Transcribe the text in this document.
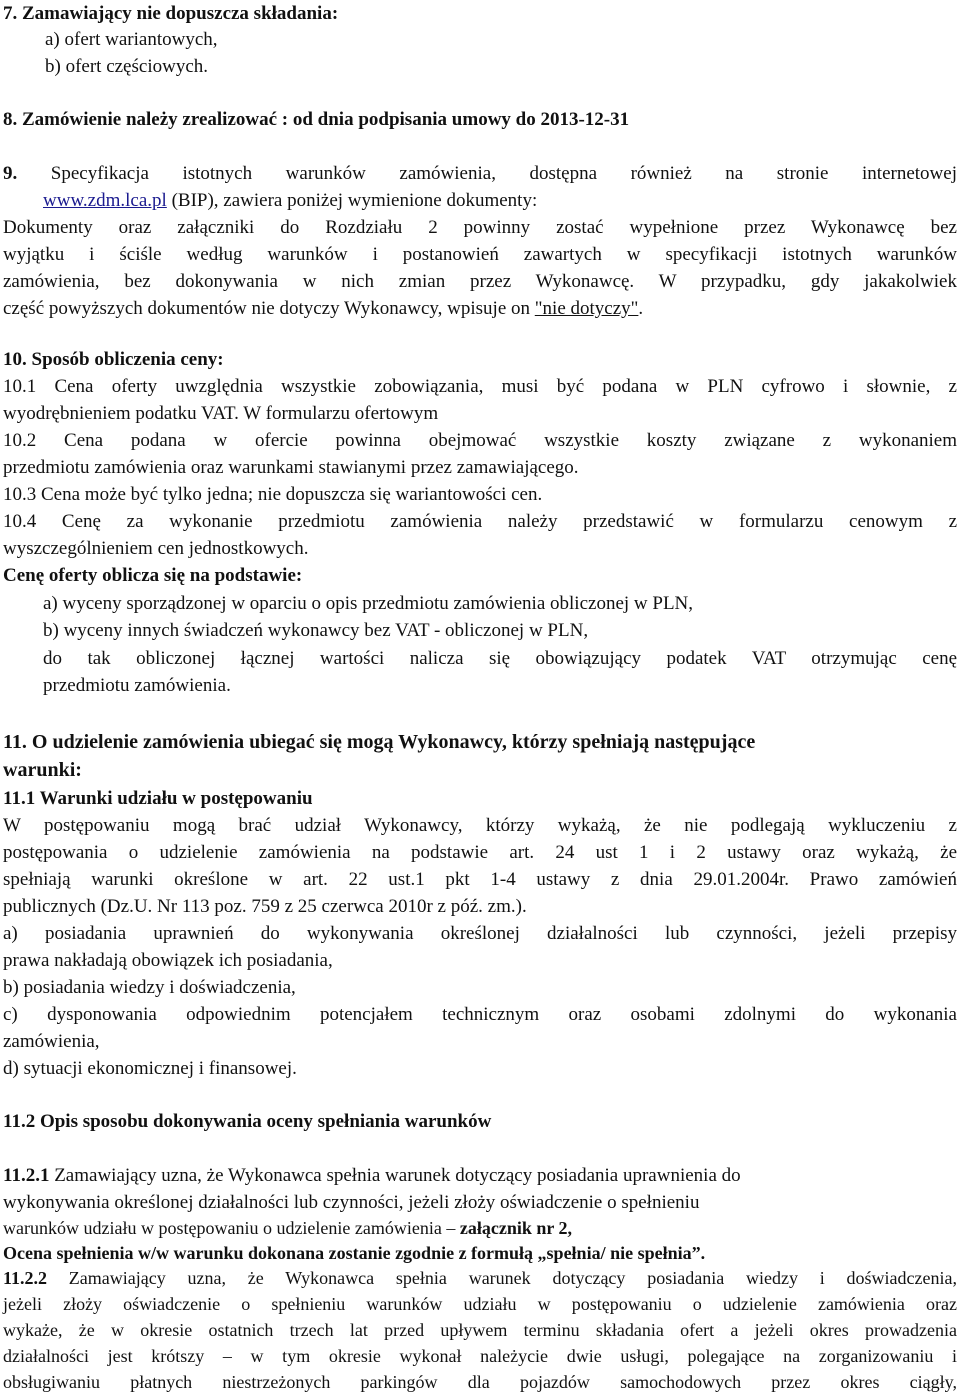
7. Zamawiający nie dopuszcza składania:
a) ofert wariantowych,
b) ofert częściowych.
8. Zamówienie należy zrealizować : od dnia podpisania umowy do 2013-12-31
9. Specyfikacja istotnych warunków zamówienia, dostępna również na stronie internetowej
www.zdm.lca.pl (BIP), zawiera poniżej wymienione dokumenty:
Dokumenty oraz załączniki do Rozdziału 2 powinny zostać wypełnione przez Wykonawcę bez
wyjątku i ściśle według warunków i postanowień zawartych w specyfikacji istotnych warunków
zamówienia, bez dokonywania w nich zmian przez Wykonawcę. W przypadku, gdy jakakolwiek
część powyższych dokumentów nie dotyczy Wykonawcy, wpisuje on "nie dotyczy".
10. Sposób obliczenia ceny:
10.1 Cena oferty uwzględnia wszystkie zobowiązania, musi być podana w PLN cyfrowo i słownie, z
wyodrębnieniem podatku VAT. W formularzu ofertowym
10.2 Cena podana w ofercie powinna obejmować wszystkie koszty związane z wykonaniem
przedmiotu zamówienia oraz warunkami stawianymi przez zamawiającego.
10.3 Cena może być tylko jedna; nie dopuszcza się wariantowości cen.
10.4 Cenę za wykonanie przedmiotu zamówienia należy przedstawić w formularzu cenowym z
wyszczególnieniem cen jednostkowych.
Cenę oferty oblicza się na podstawie:
a) wyceny sporządzonej w oparciu o opis przedmiotu zamówienia obliczonej w PLN,
b) wyceny innych świadczeń wykonawcy bez VAT - obliczonej w PLN,
do tak obliczonej łącznej wartości nalicza się obowiązujący podatek VAT otrzymując cenę
przedmiotu zamówienia.
11. O udzielenie zamówienia ubiegać się mogą Wykonawcy, którzy spełniają następujące
warunki:
11.1 Warunki udziału w postępowaniu
W postępowaniu mogą brać udział Wykonawcy, którzy wykażą, że nie podlegają wykluczeniu z
postępowania o udzielenie zamówienia na podstawie art. 24 ust 1 i 2 ustawy oraz wykażą, że
spełniają warunki określone w art. 22 ust.1 pkt 1-4 ustawy z dnia 29.01.2004r. Prawo zamówień
publicznych (Dz.U. Nr 113 poz. 759 z 25 czerwca 2010r z póź. zm.).
a) posiadania uprawnień do wykonywania określonej działalności lub czynności, jeżeli przepisy
prawa nakładają obowiązek ich posiadania,
b) posiadania wiedzy i doświadczenia,
c) dysponowania odpowiednim potencjałem technicznym oraz osobami zdolnymi do wykonania
zamówienia,
d) sytuacji ekonomicznej i finansowej.
11.2 Opis sposobu dokonywania oceny spełniania warunków
11.2.1 Zamawiający uzna, że Wykonawca spełnia warunek dotyczący posiadania uprawnienia do
wykonywania określonej działalności lub czynności, jeżeli złoży oświadczenie o spełnieniu
warunków udziału w postępowaniu o udzielenie zamówienia – załącznik nr 2,
Ocena spełnienia w/w warunku dokonana zostanie zgodnie z formułą „spełnia/ nie spełnia”.
11.2.2 Zamawiający uzna, że Wykonawca spełnia warunek dotyczący posiadania wiedzy i doświadczenia,
jeżeli złoży oświadczenie o spełnieniu warunków udziału w postępowaniu o udzielenie zamówienia oraz
wykaże, że w okresie ostatnich trzech lat przed upływem terminu składania ofert a jeżeli okres prowadzenia
działalności jest krótszy – w tym okresie wykonał należycie dwie usługi, polegające na zorganizowaniu i
obsługiwaniu płatnych niestrzeżonych parkingów dla pojazdów samochodowych przez okres ciągły,
